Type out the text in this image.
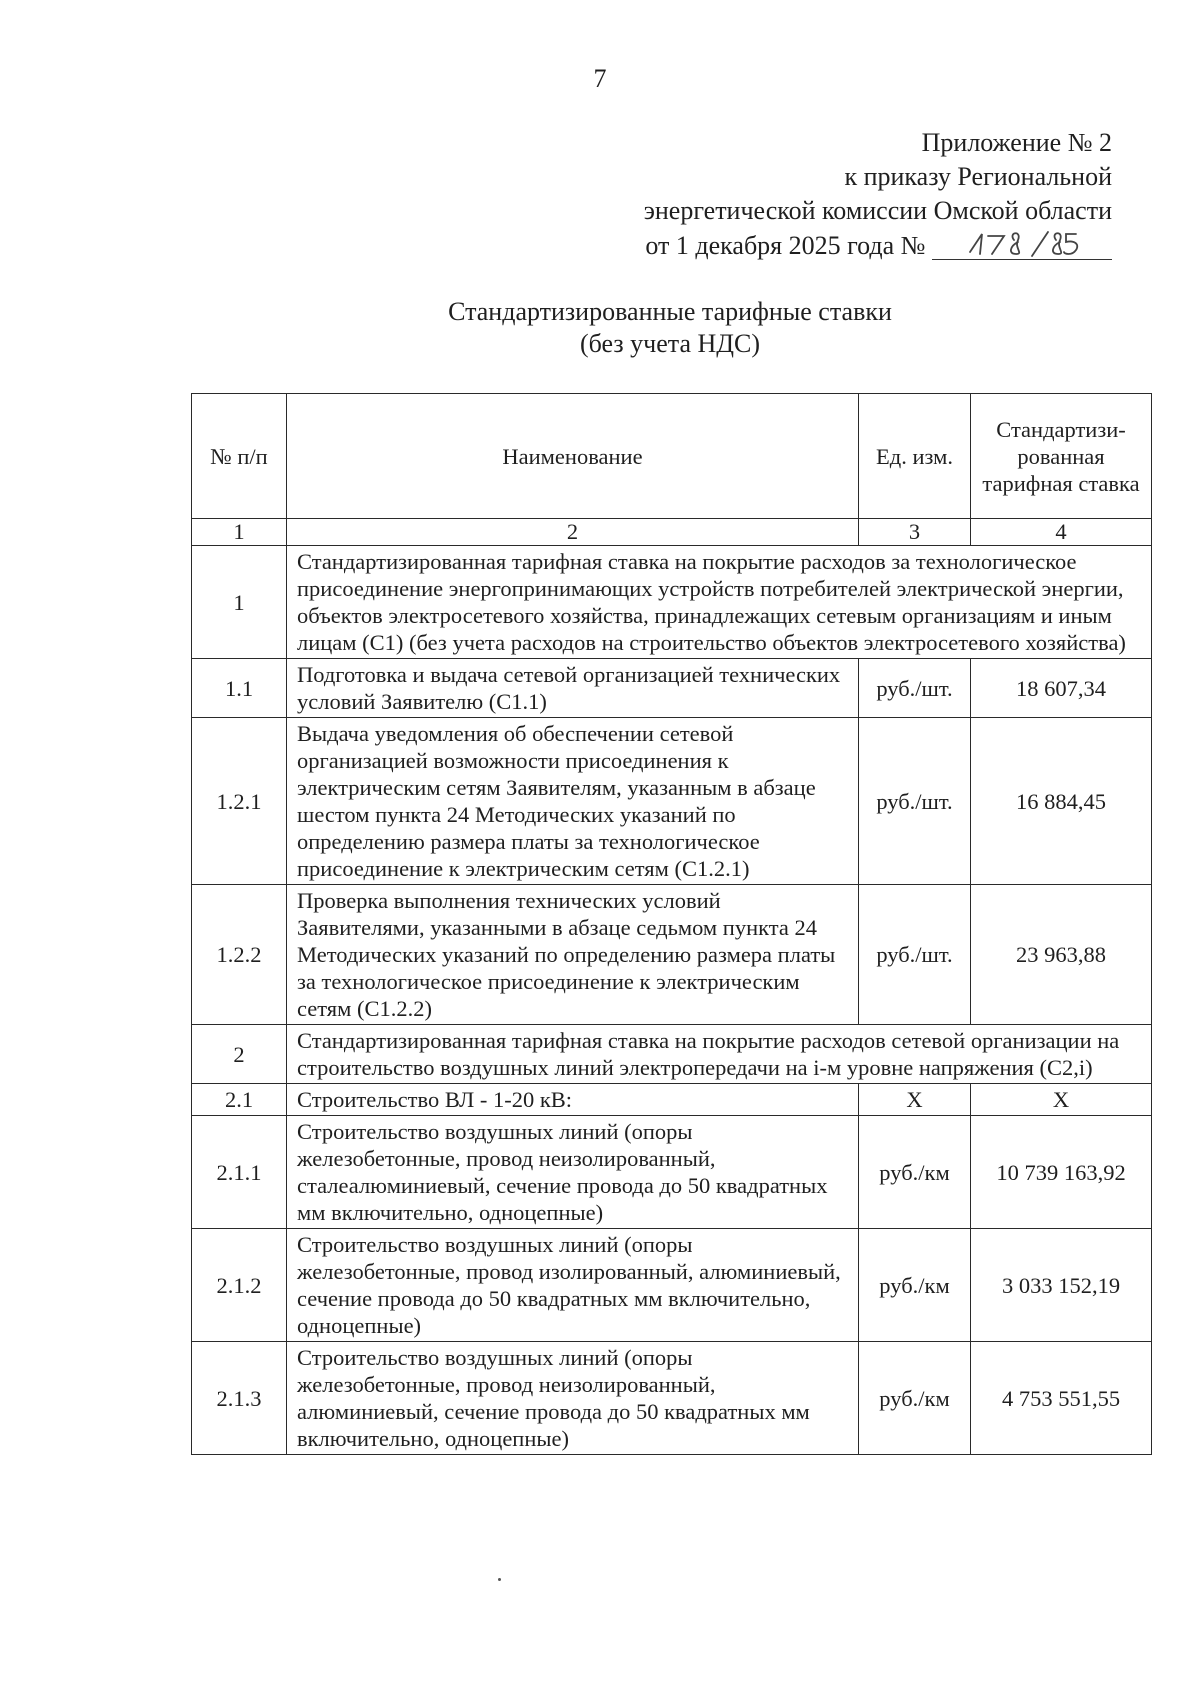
7
Приложение № 2
к приказу Региональной
энергетической комиссии Омской области
от 1 декабря 2025 года №
Стандартизированные тарифные ставки
(без учета НДС)
№ п/п	Наименование	Ед. изм.	Стандартизи-рованная тарифная ставка
1	2	3	4
1	Стандартизированная тарифная ставка на покрытие расходов за технологическое присоединение энергопринимающих устройств потребителей электрической энергии, объектов электросетевого хозяйства, принадлежащих сетевым организациям и иным лицам (С1) (без учета расходов на строительство объектов электросетевого хозяйства)		
1.1	Подготовка и выдача сетевой организацией технических условий Заявителю (С1.1)	руб./шт.	18 607,34
1.2.1	Выдача уведомления об обеспечении сетевой организацией возможности присоединения к электрическим сетям Заявителям, указанным в абзаце шестом пункта 24 Методических указаний по определению размера платы за технологическое присоединение к электрическим сетям (С1.2.1)	руб./шт.	16 884,45
1.2.2	Проверка выполнения технических условий Заявителями, указанными в абзаце седьмом пункта 24 Методических указаний по определению размера платы за технологическое присоединение к электрическим сетям (С1.2.2)	руб./шт.	23 963,88
2	Стандартизированная тарифная ставка на покрытие расходов сетевой организации на строительство воздушных линий электропередачи на i-м уровне напряжения (С2,i)		
2.1	Строительство ВЛ - 1-20 кВ:	Х	Х
2.1.1	Строительство воздушных линий (опоры железобетонные, провод неизолированный, сталеалюминиевый, сечение провода до 50 квадратных мм включительно, одноцепные)	руб./км	10 739 163,92
2.1.2	Строительство воздушных линий (опоры железобетонные, провод изолированный, алюминиевый, сечение провода до 50 квадратных мм включительно, одноцепные)	руб./км	3 033 152,19
2.1.3	Строительство воздушных линий (опоры железобетонные, провод неизолированный, алюминиевый, сечение провода до 50 квадратных мм включительно, одноцепные)	руб./км	4 753 551,55
